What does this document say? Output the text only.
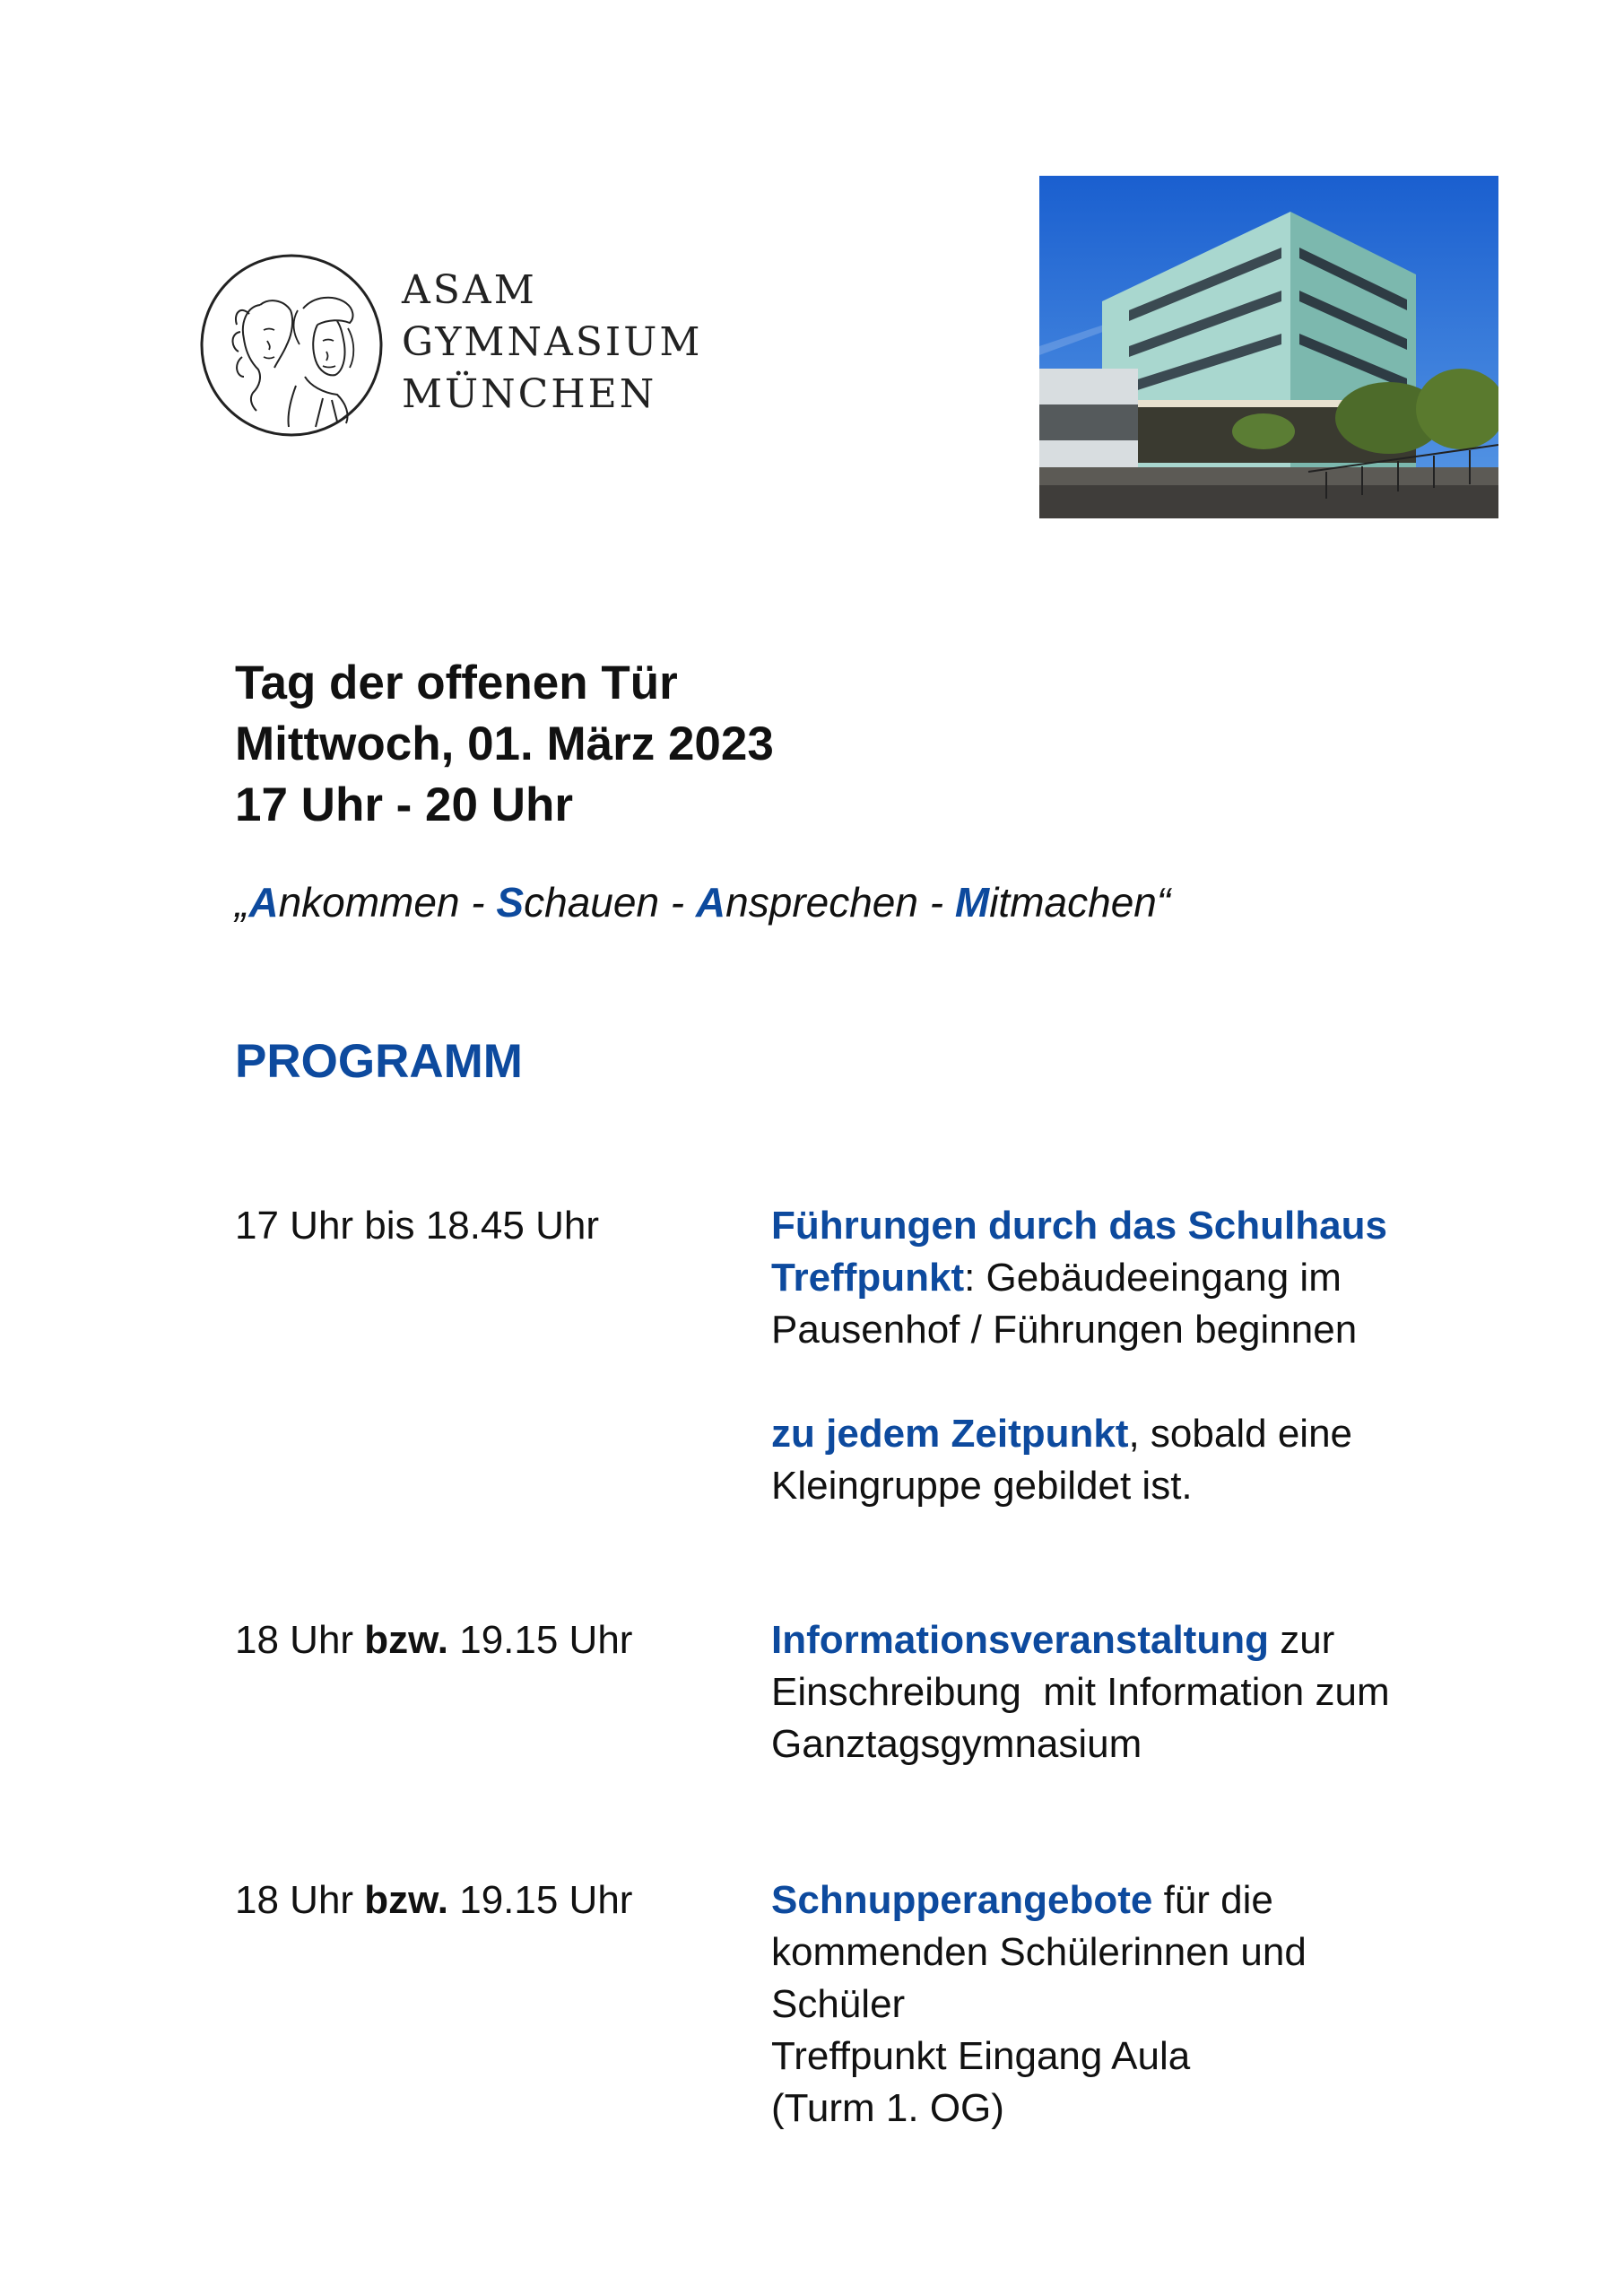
ASAM
GYMNASIUM
MÜNCHEN
Tag der offenen Tür
Mittwoch, 01. März 2023
17 Uhr - 20 Uhr
„Ankommen - Schauen - Ansprechen - Mitmachen“
PROGRAMM
17 Uhr bis 18.45 Uhr	Führungen durch das Schulhaus
Treffpunkt: Gebäudeeingang im
Pausenhof / Führungen beginnen
zu jedem Zeitpunkt, sobald eine
Kleingruppe gebildet ist.
18 Uhr bzw. 19.15 Uhr	Informationsveranstaltung zur
Einschreibung  mit Information zum
Ganztagsgymnasium
18 Uhr bzw. 19.15 Uhr	Schnupperangebote für die
kommenden Schülerinnen und
Schüler
Treffpunkt Eingang Aula
(Turm 1. OG)
